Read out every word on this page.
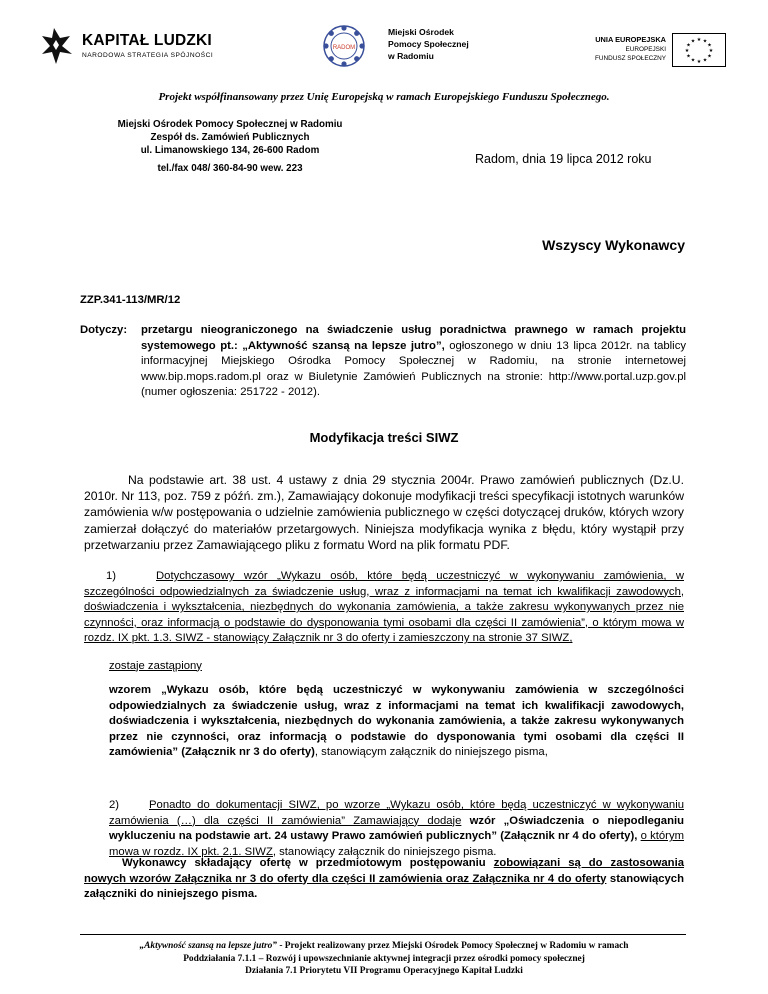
KAPITAŁ LUDZKI
NARODOWA STRATEGIA SPÓJNOŚCI
RADOM
Miejski Ośrodek
Pomocy Społecznej
w Radomiu
UNIA EUROPEJSKA
EUROPEJSKI
FUNDUSZ SPOŁECZNY
★ ★
★
★
★
★
★
★
★
★
★
★
Projekt współfinansowany przez Unię Europejską w ramach Europejskiego Funduszu Społecznego.
Miejski Ośrodek Pomocy Społecznej w Radomiu
Zespół ds. Zamówień Publicznych
ul. Limanowskiego 134, 26-600 Radom
tel./fax 048/ 360-84-90 wew. 223
Radom, dnia 19 lipca 2012 roku
Wszyscy Wykonawcy
ZZP.341-113/MR/12
Dotyczy: przetargu nieograniczonego na świadczenie usług poradnictwa prawnego w ramach projektu systemowego pt.: „Aktywność szansą na lepsze jutro”, ogłoszonego w dniu 13 lipca 2012r. na tablicy informacyjnej Miejskiego Ośrodka Pomocy Społecznej w Radomiu, na stronie internetowej www.bip.mops.radom.pl oraz w Biuletynie Zamówień Publicznych na stronie: http://www.portal.uzp.gov.pl (numer ogłoszenia: 251722 - 2012).

Modyfikacja treści SIWZ

Na podstawie art. 38 ust. 4 ustawy z dnia 29 stycznia 2004r. Prawo zamówień publicznych (Dz.U. 2010r. Nr 113, poz. 759 z późń. zm.), Zamawiający dokonuje modyfikacji treści specyfikacji istotnych warunków zamówienia w/w postępowania o udzielnie zamówienia publicznego w części dotyczącej druków, których wzory zamierzał dołączyć do materiałów przetargowych. Niniejsza modyfikacja wynika z błędu, który wystąpił przy przetwarzaniu przez Zamawiającego pliku z formatu Word na plik formatu PDF.

1)	Dotychczasowy wzór „Wykazu osób, które będą uczestniczyć w wykonywaniu zamówienia, w szczególności odpowiedzialnych za świadczenie usług, wraz z informacjami na temat ich kwalifikacji zawodowych, doświadczenia i wykształcenia, niezbędnych do wykonania zamówienia, a także zakresu wykonywanych przez nie czynności, oraz informacją o podstawie do dysponowania tymi osobami dla części II zamówienia”, o którym mowa w rozdz. IX pkt. 1.3. SIWZ - stanowiący Załącznik nr 3 do oferty i zamieszczony na stronie 37 SIWZ,

zostaje zastąpiony

wzorem „Wykazu osób, które będą uczestniczyć w wykonywaniu zamówienia w szczególności odpowiedzialnych za świadczenie usług, wraz z informacjami na temat ich kwalifikacji zawodowych, doświadczenia i wykształcenia, niezbędnych do wykonania zamówienia, a także zakresu wykonywanych przez nie czynności, oraz informacją o podstawie do dysponowania tymi osobami dla części II zamówienia” (Załącznik nr 3 do oferty), stanowiącym załącznik do niniejszego pisma,

2)	Ponadto do dokumentacji SIWZ, po wzorze „Wykazu osób, które będą uczestniczyć w wykonywaniu zamówienia (…) dla części II zamówienia” Zamawiający dodaje wzór „Oświadczenia o niepodleganiu wykluczeniu na podstawie art. 24 ustawy Prawo zamówień publicznych” (Załącznik nr 4 do oferty), o którym mowa w rozdz. IX pkt. 2.1. SIWZ, stanowiący załącznik do niniejszego pisma.

Wykonawcy składający ofertę w przedmiotowym postępowaniu zobowiązani są do zastosowania nowych wzorów Załącznika nr 3 do oferty dla części II zamówienia oraz Załącznika nr 4 do oferty stanowiących załączniki do niniejszego pisma.

„Aktywność szansą na lepsze jutro” - Projekt realizowany przez Miejski Ośrodek Pomocy Społecznej w Radomiu w ramach
Poddziałania 7.1.1 – Rozwój i upowszechnianie aktywnej integracji przez ośrodki pomocy społecznej
Działania 7.1 Priorytetu VII Programu Operacyjnego Kapitał Ludzki
